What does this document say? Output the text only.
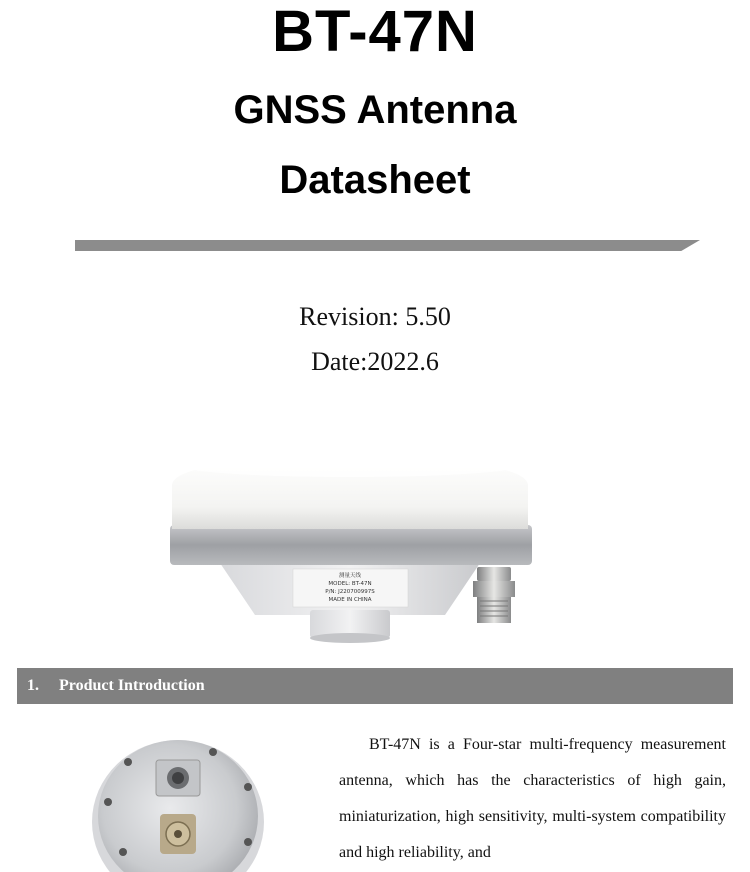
BT-47N
GNSS Antenna
Datasheet
Revision: 5.50
Date:2022.6
测量天线
MODEL: BT-47N
P/N: J220700997S
MADE IN CHINA
1.	Product Introduction

BT-47N is a Four-star multi-frequency measurement antenna, which has the characteristics of high gain, miniaturization, high sensitivity, multi-system compatibility and high reliability, and
